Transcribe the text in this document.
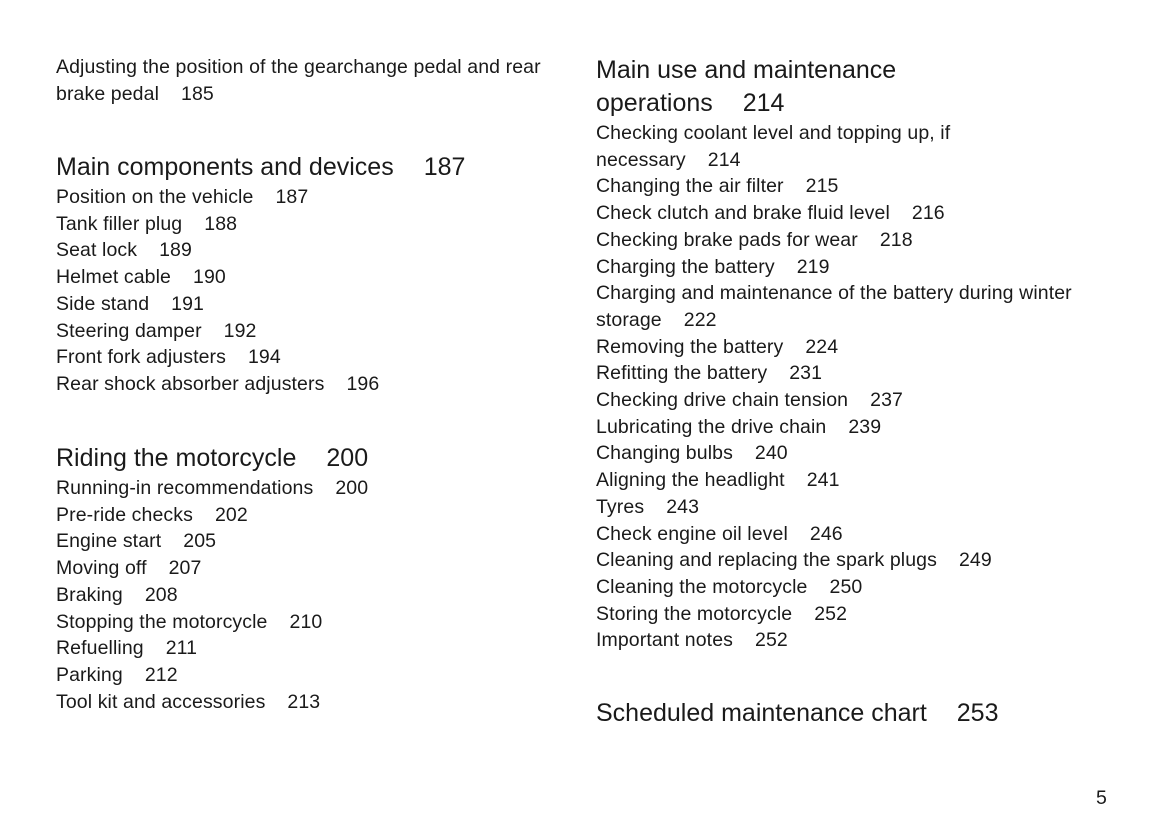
Adjusting the position of the gearchange pedal and rear brake pedal 185
Main components and devices 187
Position on the vehicle 187
Tank filler plug 188
Seat lock 189
Helmet cable 190
Side stand 191
Steering damper 192
Front fork adjusters 194
Rear shock absorber adjusters 196
Riding the motorcycle 200
Running-in recommendations 200
Pre-ride checks 202
Engine start 205
Moving off 207
Braking 208
Stopping the motorcycle 210
Refuelling 211
Parking 212
Tool kit and accessories 213
Main use and maintenance operations 214
Checking coolant level and topping up, if necessary 214
Changing the air filter 215
Check clutch and brake fluid level 216
Checking brake pads for wear 218
Charging the battery 219
Charging and maintenance of the battery during winter storage 222
Removing the battery 224
Refitting the battery 231
Checking drive chain tension 237
Lubricating the drive chain 239
Changing bulbs 240
Aligning the headlight 241
Tyres 243
Check engine oil level 246
Cleaning and replacing the spark plugs 249
Cleaning the motorcycle 250
Storing the motorcycle 252
Important notes 252
Scheduled maintenance chart 253
5
